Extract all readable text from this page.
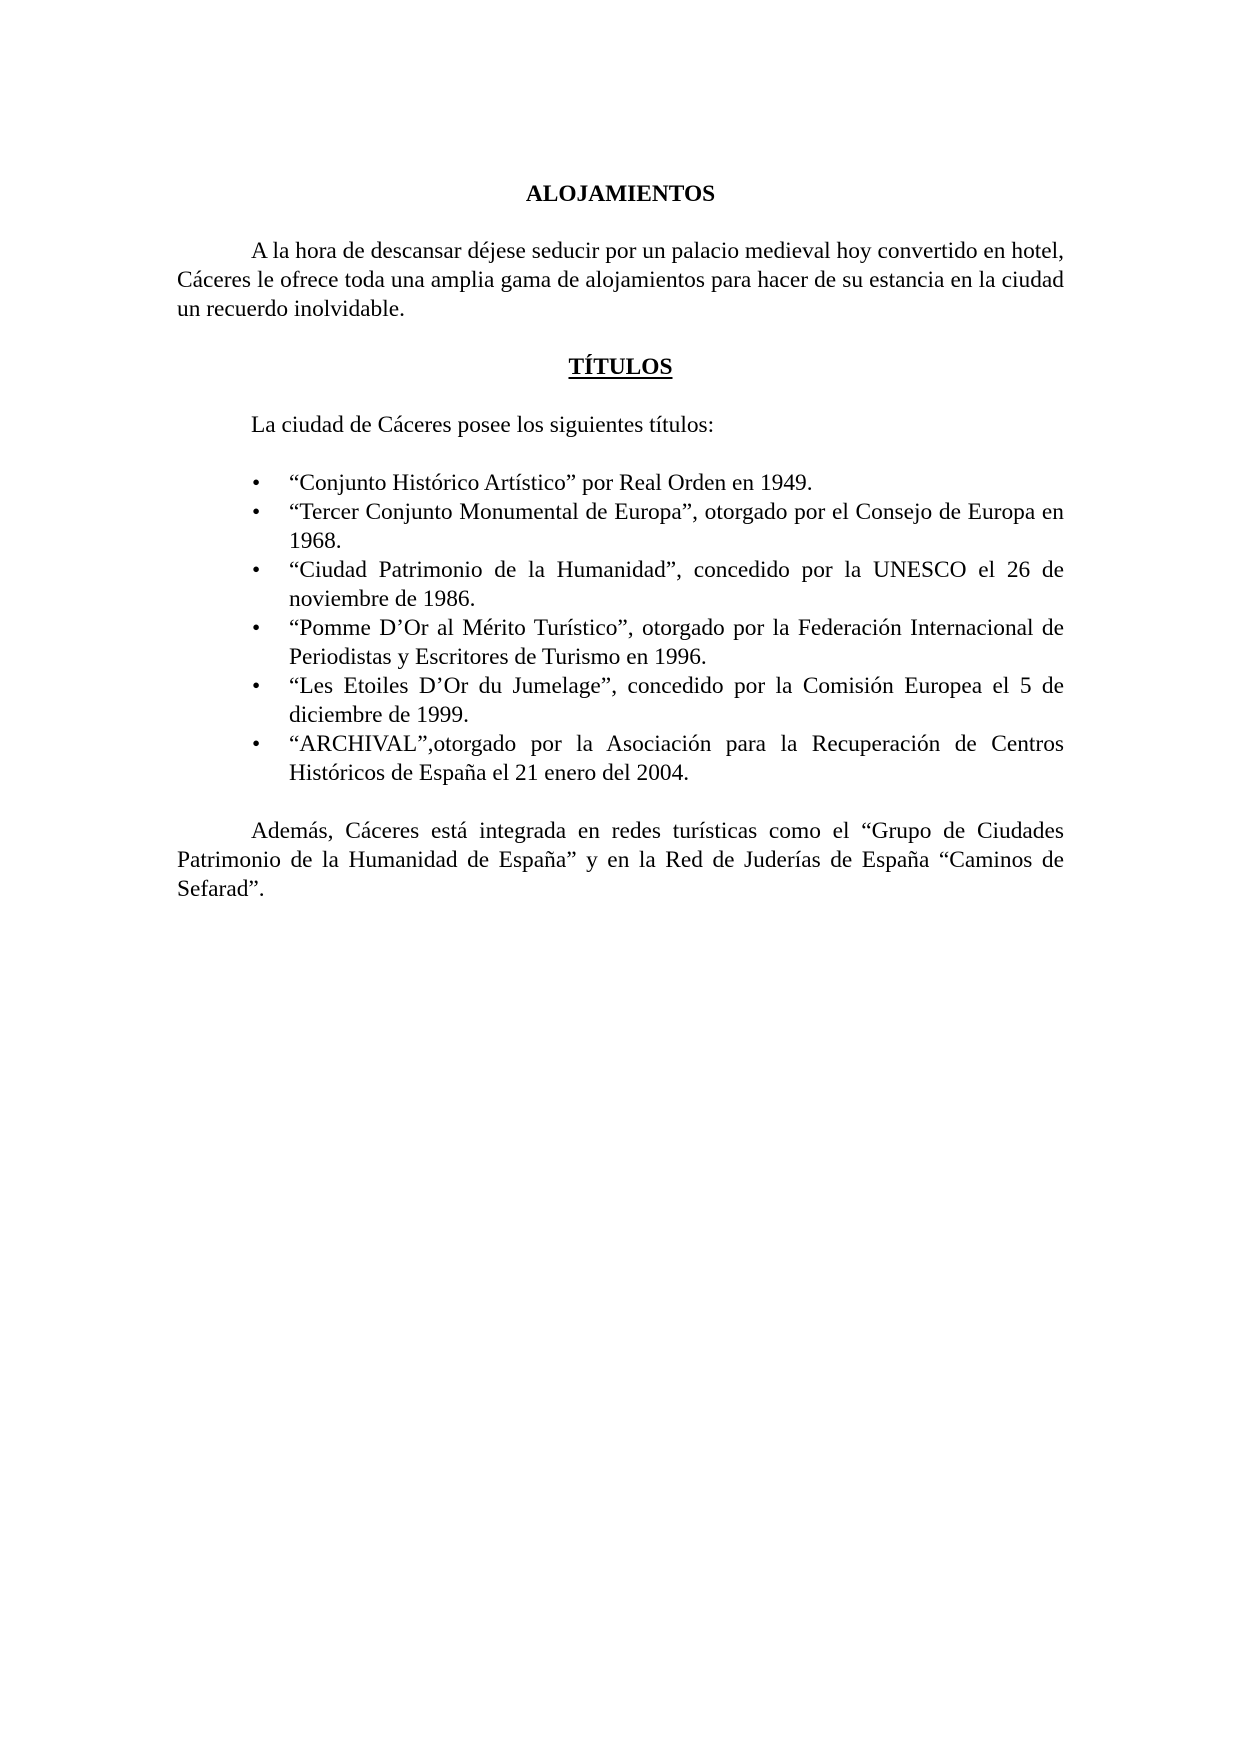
ALOJAMIENTOS

A la hora de descansar déjese seducir por un palacio medieval hoy convertido en hotel, Cáceres le ofrece toda una amplia gama de alojamientos para hacer de su estancia en la ciudad un recuerdo inolvidable.

TÍTULOS

La ciudad de Cáceres posee los siguientes títulos:

• “Conjunto Histórico Artístico” por Real Orden en 1949.
• “Tercer Conjunto Monumental de Europa”, otorgado por el Consejo de Europa en 1968.
• “Ciudad Patrimonio de la Humanidad”, concedido por la UNESCO el 26 de noviembre de 1986.
• “Pomme D’Or al Mérito Turístico”, otorgado por la Federación Internacional de Periodistas y Escritores de Turismo en 1996.
• “Les Etoiles D’Or du Jumelage”, concedido por la Comisión Europea el 5 de diciembre de 1999.
• “ARCHIVAL”,otorgado por la Asociación para la Recuperación de Centros Históricos de España el 21 enero del 2004.

Además, Cáceres está integrada en redes turísticas como el “Grupo de Ciudades Patrimonio de la Humanidad de España” y en la Red de Juderías de España “Caminos de Sefarad”.
